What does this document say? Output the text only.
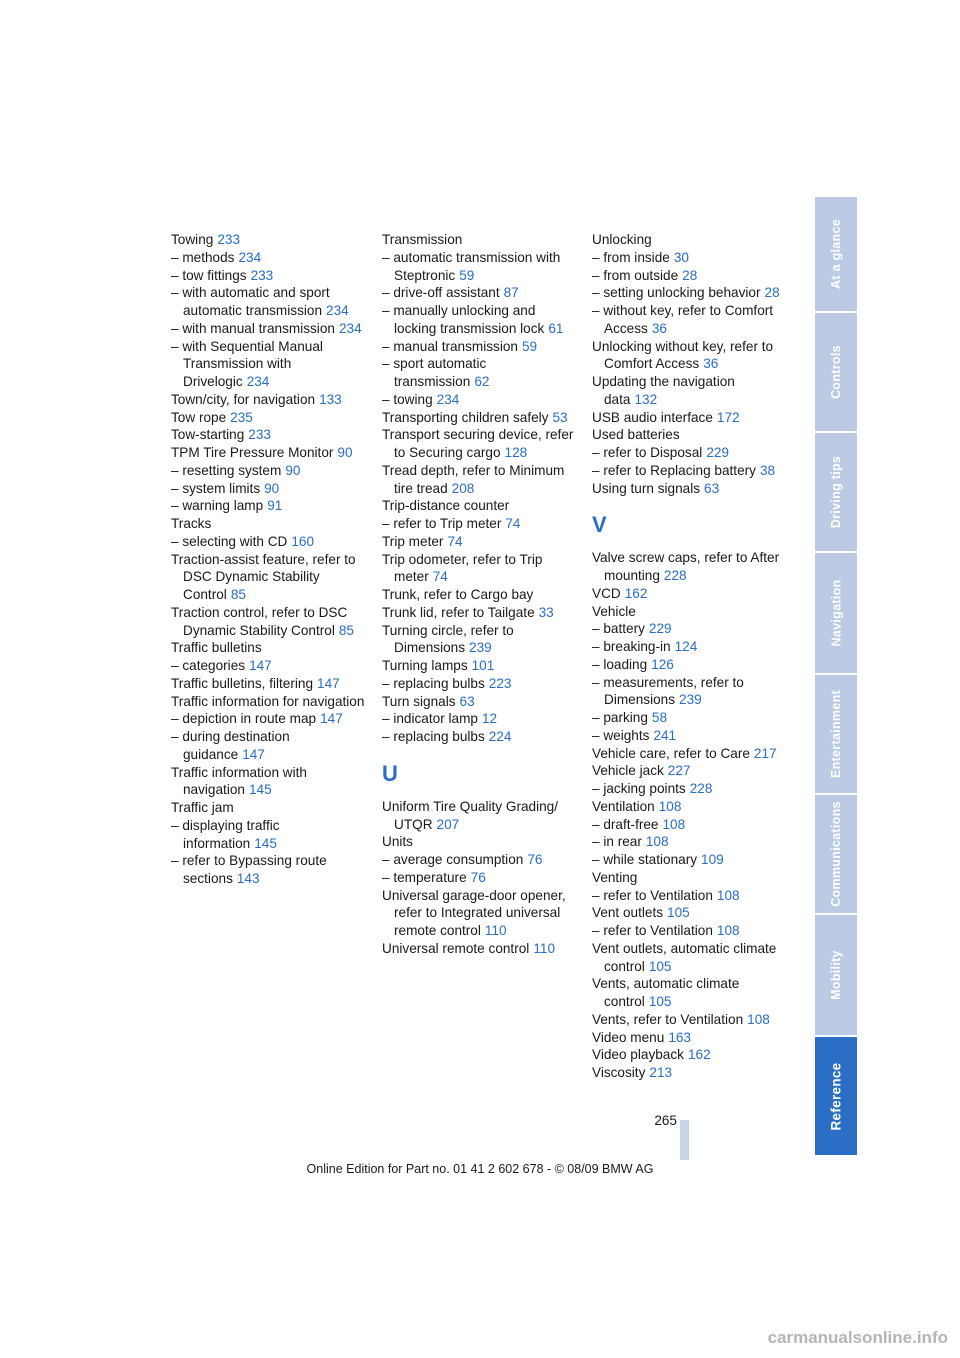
Towing 233
– methods 234
– tow fittings 233
– with automatic and sport automatic transmission 234
– with manual transmission 234
– with Sequential Manual Transmission with Drivelogic 234
Town/city, for navigation 133
Tow rope 235
Tow-starting 233
TPM Tire Pressure Monitor 90
– resetting system 90
– system limits 90
– warning lamp 91
Tracks
– selecting with CD 160
Traction-assist feature, refer to DSC Dynamic Stability Control 85
Traction control, refer to DSC Dynamic Stability Control 85
Traffic bulletins
– categories 147
Traffic bulletins, filtering 147
Traffic information for navigation
– depiction in route map 147
– during destination guidance 147
Traffic information with navigation 145
Traffic jam
– displaying traffic information 145
– refer to Bypassing route sections 143
Transmission
– automatic transmission with Steptronic 59
– drive-off assistant 87
– manually unlocking and locking transmission lock 61
– manual transmission 59
– sport automatic transmission 62
– towing 234
Transporting children safely 53
Transport securing device, refer to Securing cargo 128
Tread depth, refer to Minimum tire tread 208
Trip-distance counter
– refer to Trip meter 74
Trip meter 74
Trip odometer, refer to Trip meter 74
Trunk, refer to Cargo bay
Trunk lid, refer to Tailgate 33
Turning circle, refer to Dimensions 239
Turning lamps 101
– replacing bulbs 223
Turn signals 63
– indicator lamp 12
– replacing bulbs 224
U
Uniform Tire Quality Grading/ UTQR 207
Units
– average consumption 76
– temperature 76
Universal garage-door opener, refer to Integrated universal remote control 110
Universal remote control 110
Unlocking
– from inside 30
– from outside 28
– setting unlocking behavior 28
– without key, refer to Comfort Access 36
Unlocking without key, refer to Comfort Access 36
Updating the navigation data 132
USB audio interface 172
Used batteries
– refer to Disposal 229
– refer to Replacing battery 38
Using turn signals 63
V
Valve screw caps, refer to After mounting 228
VCD 162
Vehicle
– battery 229
– breaking-in 124
– loading 126
– measurements, refer to Dimensions 239
– parking 58
– weights 241
Vehicle care, refer to Care 217
Vehicle jack 227
– jacking points 228
Ventilation 108
– draft-free 108
– in rear 108
– while stationary 109
Venting
– refer to Ventilation 108
Vent outlets 105
– refer to Ventilation 108
Vent outlets, automatic climate control 105
Vents, automatic climate control 105
Vents, refer to Ventilation 108
Video menu 163
Video playback 162
Viscosity 213
At a glance
Controls
Driving tips
Navigation
Entertainment
Communications
Mobility
Reference
265
Online Edition for Part no. 01 41 2 602 678 - © 08/09 BMW AG
carmanualsonline.info
